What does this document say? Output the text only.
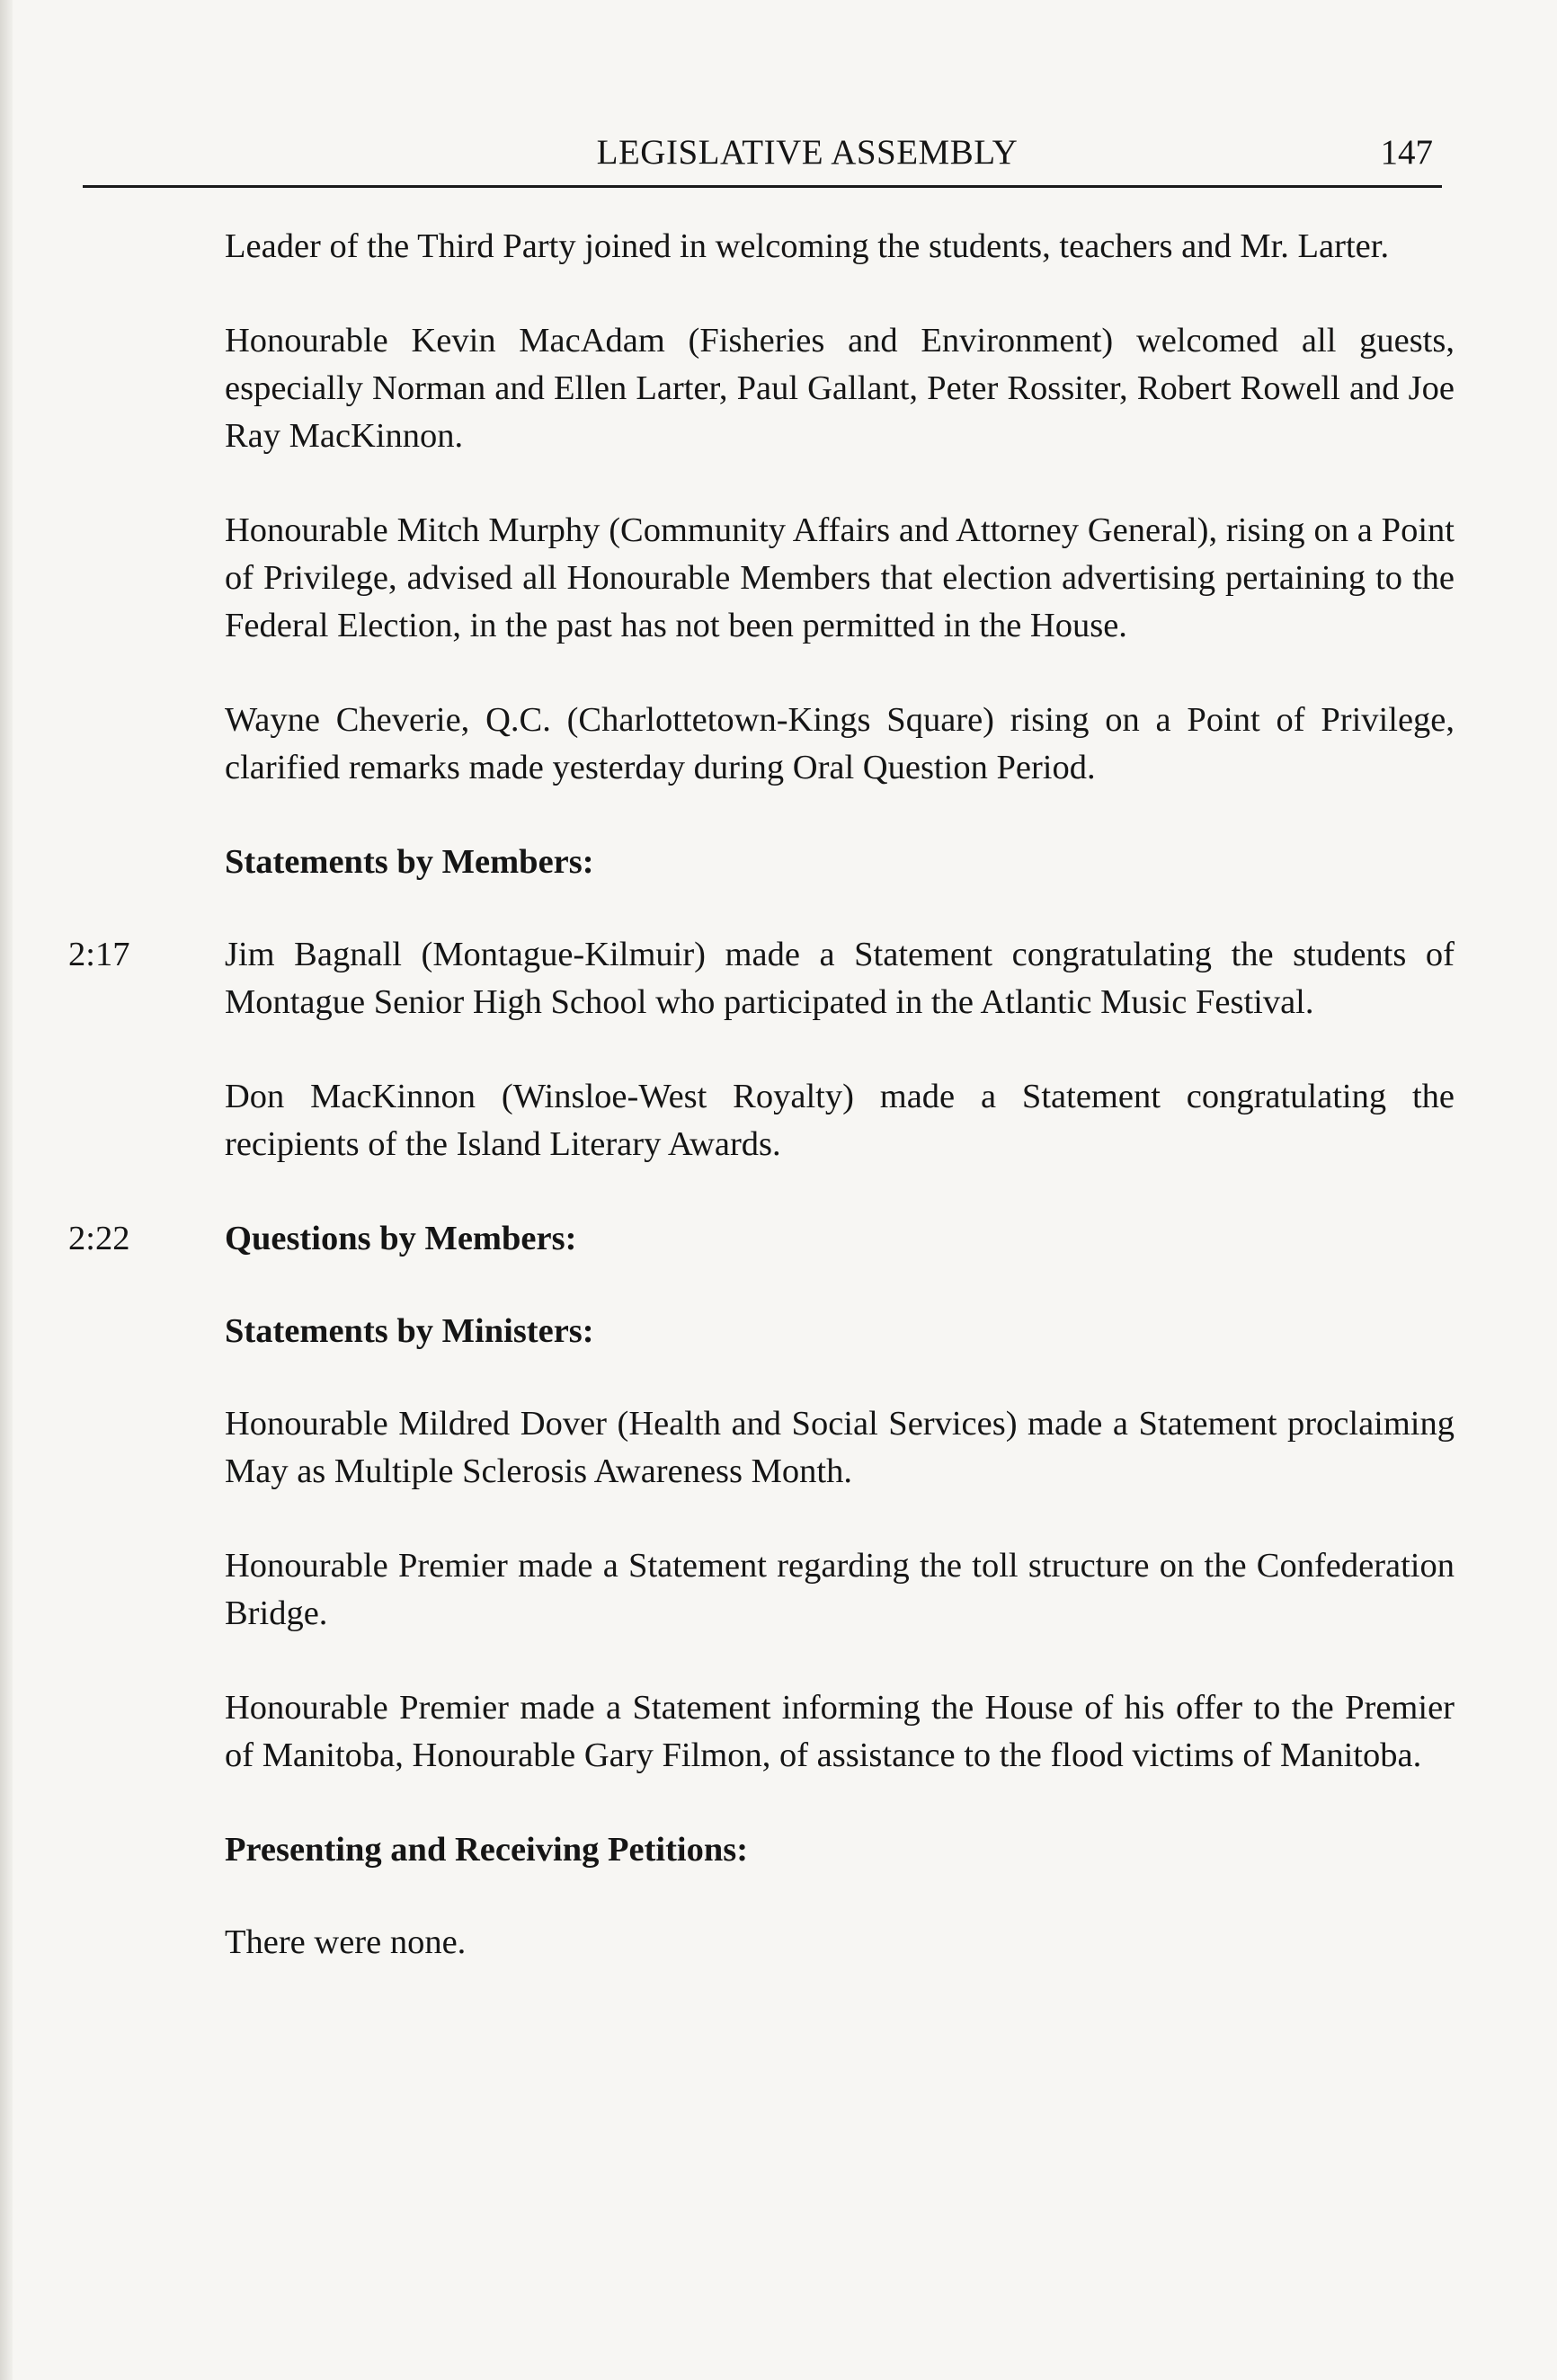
LEGISLATIVE ASSEMBLY	147

Leader of the Third Party joined in welcoming the students, teachers and Mr. Larter.

Honourable Kevin MacAdam (Fisheries and Environment) welcomed all guests, especially Norman and Ellen Larter, Paul Gallant, Peter Rossiter, Robert Rowell and Joe Ray MacKinnon.

Honourable Mitch Murphy (Community Affairs and Attorney General), rising on a Point of Privilege, advised all Honourable Members that election advertising pertaining to the Federal Election, in the past has not been permitted in the House.

Wayne Cheverie, Q.C. (Charlottetown-Kings Square) rising on a Point of Privilege, clarified remarks made yesterday during Oral Question Period.

Statements by Members:
2:17	Jim Bagnall (Montague-Kilmuir) made a Statement congratulating the students of Montague Senior High School who participated in the Atlantic Music Festival.

Don MacKinnon (Winsloe-West Royalty) made a Statement congratulating the recipients of the Island Literary Awards.

2:22	Questions by Members:
Statements by Ministers:

Honourable Mildred Dover (Health and Social Services) made a Statement proclaiming May as Multiple Sclerosis Awareness Month.

Honourable Premier made a Statement regarding the toll structure on the Confederation Bridge.

Honourable Premier made a Statement informing the House of his offer to the Premier of Manitoba, Honourable Gary Filmon, of assistance to the flood victims of Manitoba.

Presenting and Receiving Petitions:

There were none.
